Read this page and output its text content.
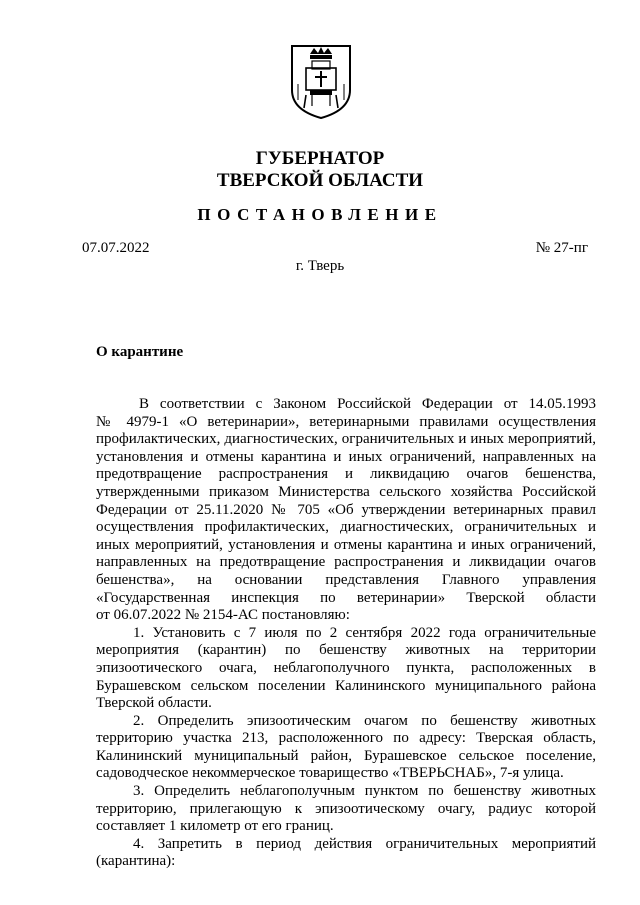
ГУБЕРНАТОР
ТВЕРСКОЙ ОБЛАСТИ
ПОСТАНОВЛЕНИЕ
07.07.2022	№ 27-пг
г. Тверь
О карантине
В соответствии с Законом Российской Федерации от 14.05.1993
№ 4979-1 «О ветеринарии», ветеринарными правилами осуществления
профилактических, диагностических, ограничительных и иных мероприятий,
установления и отмены карантина и иных ограничений, направленных на
предотвращение распространения и ликвидацию очагов бешенства,
утвержденными приказом Министерства сельского хозяйства Российской
Федерации от 25.11.2020 № 705 «Об утверждении ветеринарных правил
осуществления профилактических, диагностических, ограничительных и
иных мероприятий, установления и отмены карантина и иных ограничений,
направленных на предотвращение распространения и ликвидации очагов
бешенства», на основании представления Главного управления
«Государственная инспекция по ветеринарии» Тверской области
от 06.07.2022 № 2154-АС постановляю:
1. Установить с 7 июля по 2 сентября 2022 года ограничительные
мероприятия (карантин) по бешенству животных на территории
эпизоотического очага, неблагополучного пункта, расположенных в
Бурашевском сельском поселении Калининского муниципального района
Тверской области.
2. Определить эпизоотическим очагом по бешенству животных
территорию участка 213, расположенного по адресу: Тверская область,
Калининский муниципальный район, Бурашевское сельское поселение,
садоводческое некоммерческое товарищество «ТВЕРЬСНАБ», 7-я улица.
3. Определить неблагополучным пунктом по бешенству животных
территорию, прилегающую к эпизоотическому очагу, радиус которой
составляет 1 километр от его границ.
4. Запретить в период действия ограничительных мероприятий
(карантина):
